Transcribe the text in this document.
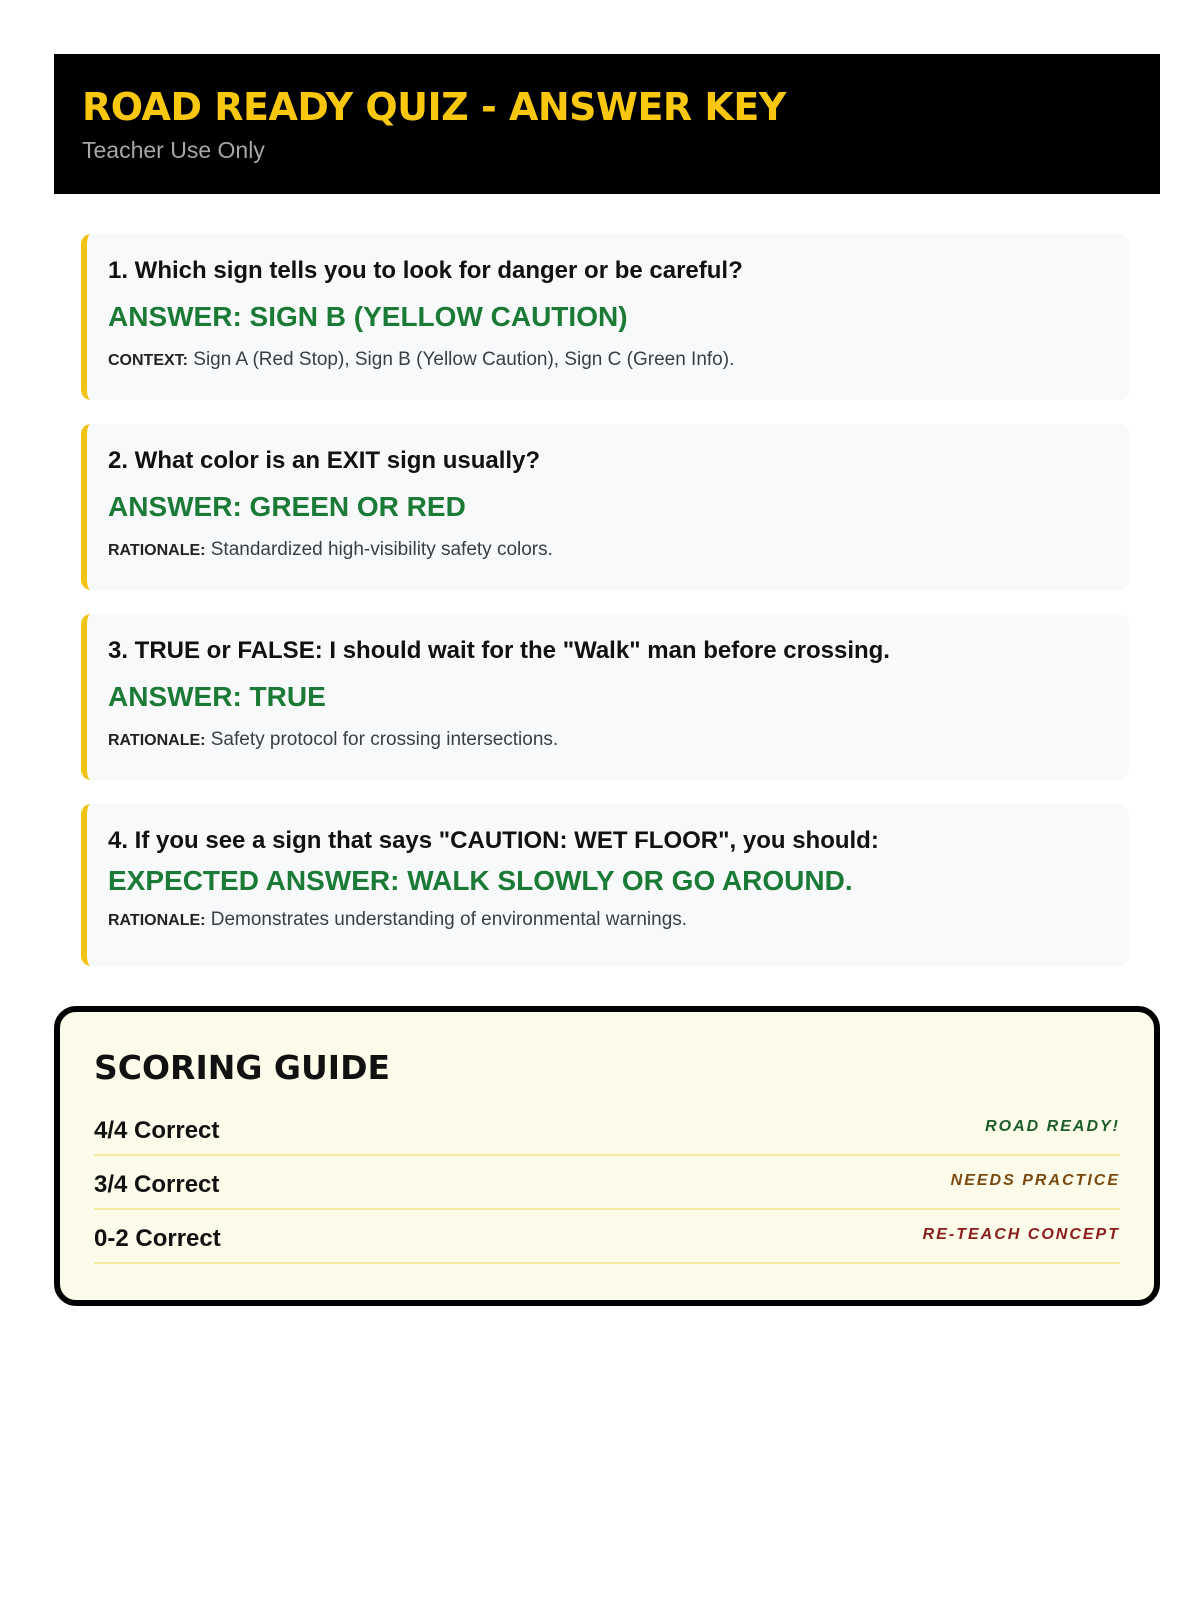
ROAD READY QUIZ - ANSWER KEY
Teacher Use Only
1. Which sign tells you to look for danger or be careful?
ANSWER: SIGN B (YELLOW CAUTION)
CONTEXT: Sign A (Red Stop), Sign B (Yellow Caution), Sign C (Green Info).
2. What color is an EXIT sign usually?
ANSWER: GREEN OR RED
RATIONALE: Standardized high-visibility safety colors.
3. TRUE or FALSE: I should wait for the "Walk" man before crossing.
ANSWER: TRUE
RATIONALE: Safety protocol for crossing intersections.
4. If you see a sign that says "CAUTION: WET FLOOR", you should:
EXPECTED ANSWER: WALK SLOWLY OR GO AROUND.
RATIONALE: Demonstrates understanding of environmental warnings.
SCORING GUIDE
4/4 Correct	ROAD READY!
3/4 Correct	NEEDS PRACTICE
0-2 Correct	RE-TEACH CONCEPT
